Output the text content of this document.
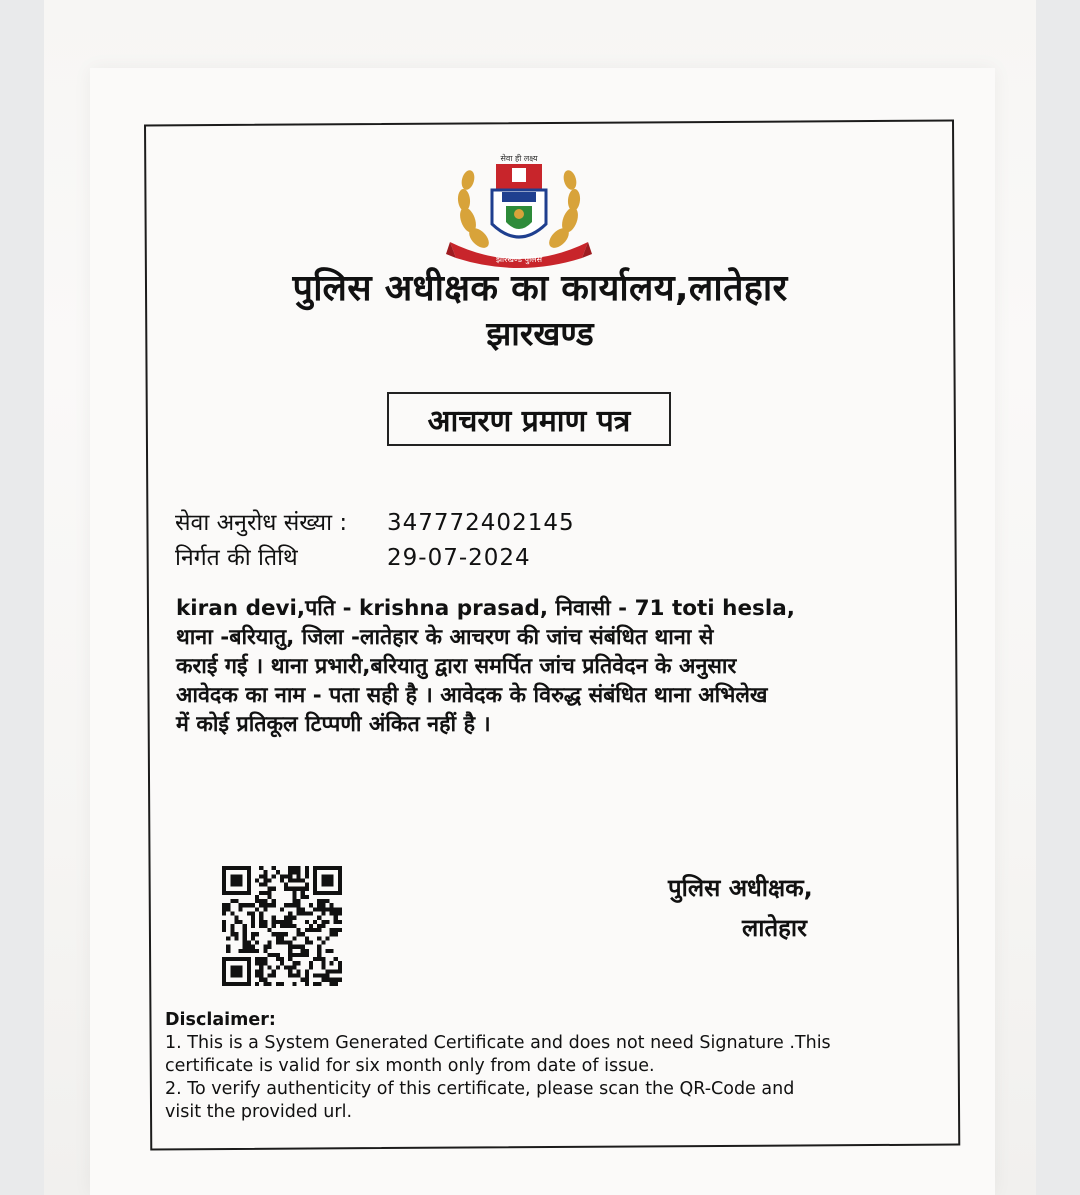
सेवा ही लक्ष्य
झारखण्ड पुलिस
पुलिस अधीक्षक का कार्यालय,लातेहार
झारखण्ड
आचरण प्रमाण पत्र
सेवा अनुरोध संख्या : 347772402145
निर्गत की तिथि	29-07-2024
kiran devi,पति - krishna prasad, निवासी - 71 toti hesla,
थाना -बरियातु, जिला -लातेहार के आचरण की जांच संबंधित थाना से
कराई गई । थाना प्रभारी,बरियातु द्वारा समर्पित जांच प्रतिवेदन के अनुसार
आवेदक का नाम - पता सही है । आवेदक के विरुद्ध संबंधित थाना अभिलेख
में कोई प्रतिकूल टिप्पणी अंकित नहीं है ।
पुलिस अधीक्षक,
लातेहार
Disclaimer:
1. This is a System Generated Certificate and does not need Signature .This
certificate is valid for six month only from date of issue.
2. To verify authenticity of this certificate, please scan the QR-Code and
visit the provided url.
